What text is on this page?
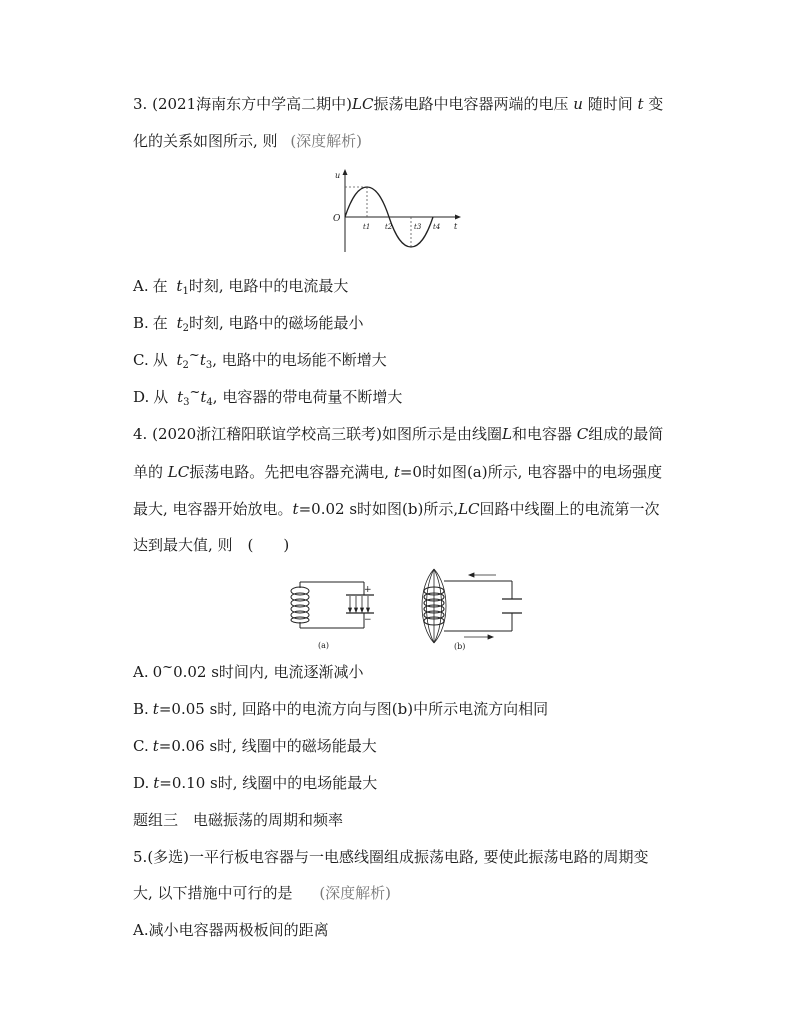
3. (2021海南东方中学高二期中)LC振荡电路中电容器两端的电压 u 随时间 t 变
化的关系如图所示, 则 (深度解析)
u
t
O
t1 t2	t3 t4
A. 在 $t_1$时刻, 电路中的电流最大
B. 在 $t_2$时刻, 电路中的磁场能最小
C. 从 $t_2\sim t_3$, 电路中的电场能不断增大
D. 从 $t_3\sim t_4$, 电容器的带电荷量不断增大
4. (2020浙江稽阳联谊学校高三联考)如图所示是由线圈L和电容器 C组成的最简
单的 LC振荡电路。先把电容器充满电, t=0时如图(a)所示, 电容器中的电场强度
最大, 电容器开始放电。t=0.02 s时如图(b)所示,LC回路中线圈上的电流第一次
达到最大值, 则　(　　)
+
−
(a)	(b)
A. 0~0.02 s时间内, 电流逐渐减小
B. t=0.05 s时, 回路中的电流方向与图(b)中所示电流方向相同
C. t=0.06 s时, 线圈中的磁场能最大
D. t=0.10 s时, 线圈中的电场能最大
题组三　电磁振荡的周期和频率
5.(多选)一平行板电容器与一电感线圈组成振荡电路, 要使此振荡电路的周期变
大, 以下措施中可行的是 (深度解析)
A.减小电容器两极板间的距离
